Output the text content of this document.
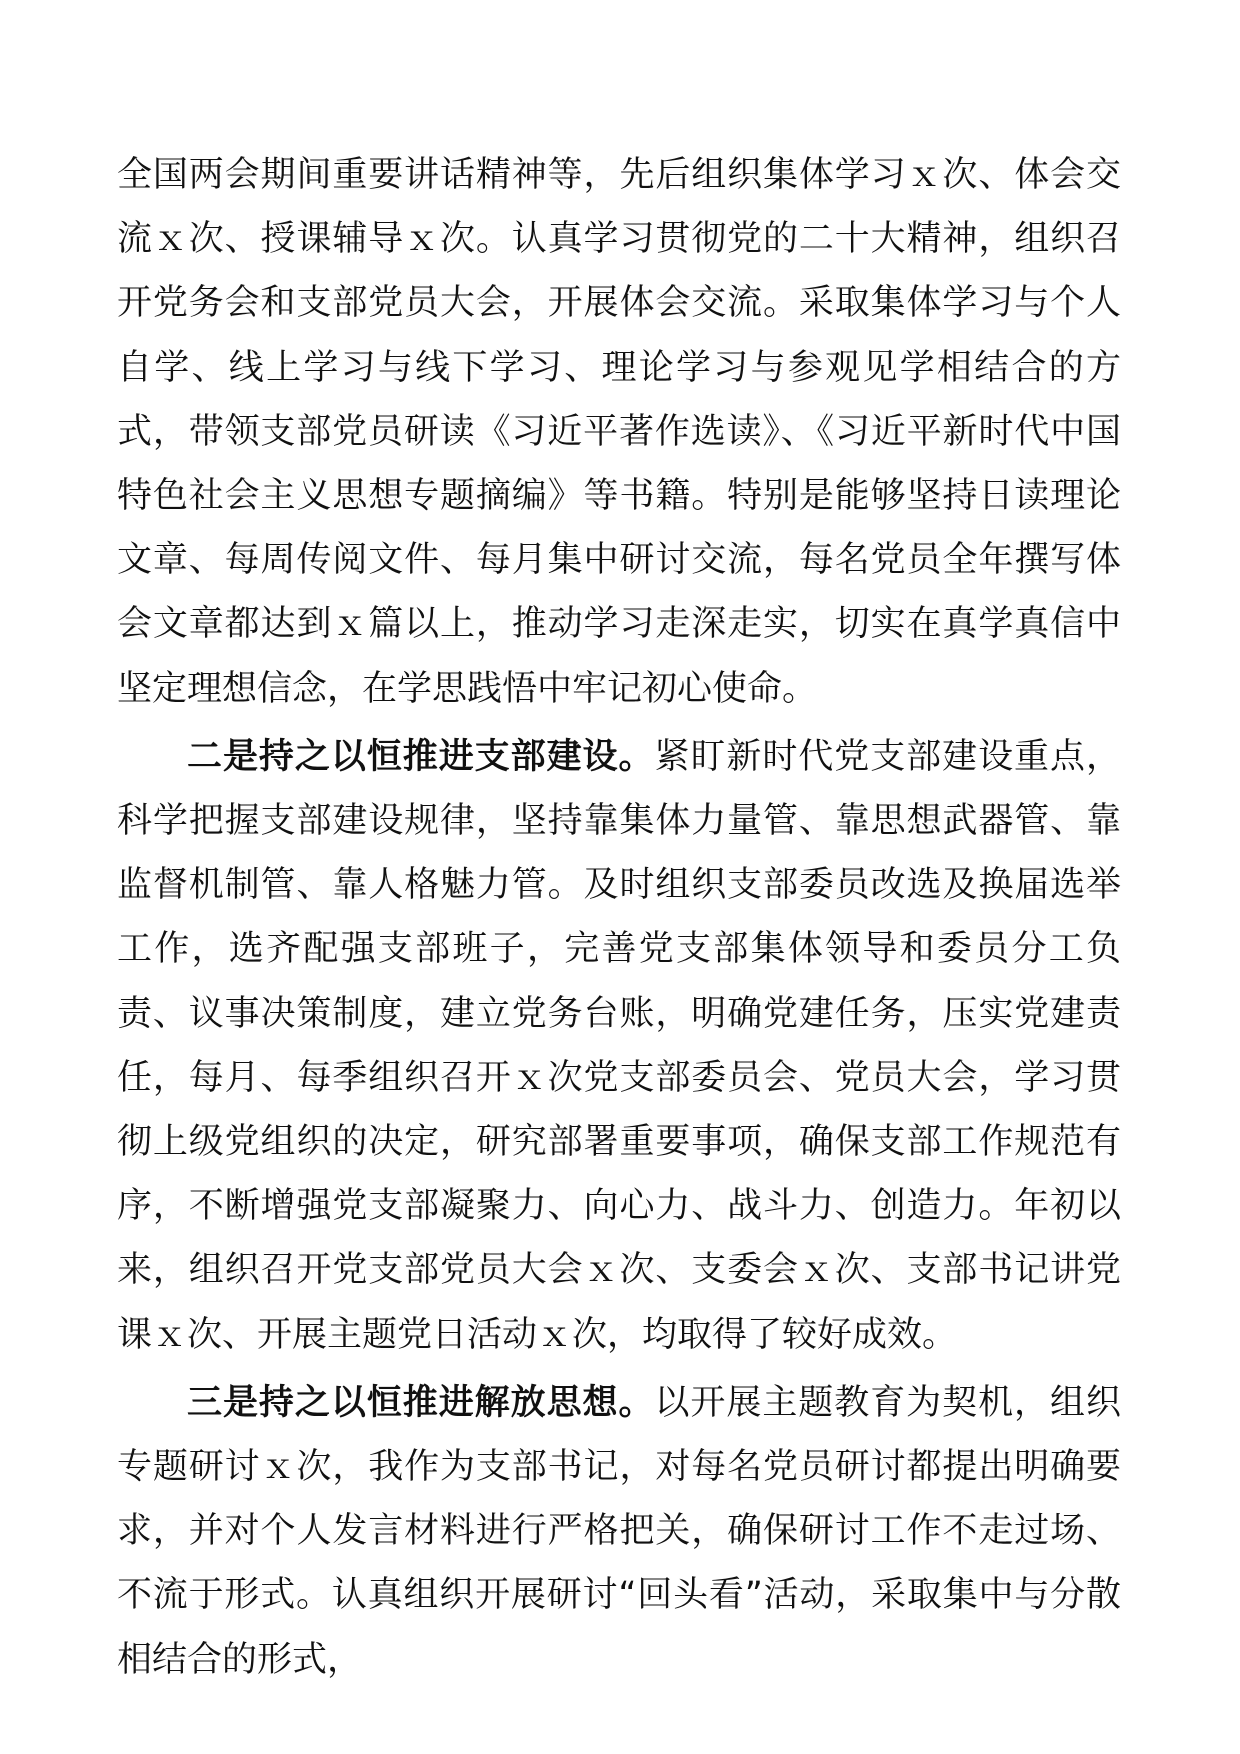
全国两会期间重要讲话精神等，先后组织集体学习ｘ次、体会交流ｘ次、授课辅导ｘ次。认真学习贯彻党的二十大精神，组织召开党务会和支部党员大会，开展体会交流。采取集体学习与个人自学、线上学习与线下学习、理论学习与参观见学相结合的方式，带领支部党员研读《习近平著作选读》、《习近平新时代中国特色社会主义思想专题摘编》等书籍。特别是能够坚持日读理论文章、每周传阅文件、每月集中研讨交流，每名党员全年撰写体会文章都达到ｘ篇以上，推动学习走深走实，切实在真学真信中坚定理想信念，在学思践悟中牢记初心使命。

二是持之以恒推进支部建设。紧盯新时代党支部建设重点，科学把握支部建设规律，坚持靠集体力量管、靠思想武器管、靠监督机制管、靠人格魅力管。及时组织支部委员改选及换届选举工作，选齐配强支部班子，完善党支部集体领导和委员分工负责、议事决策制度，建立党务台账，明确党建任务，压实党建责任，每月、每季组织召开ｘ次党支部委员会、党员大会，学习贯彻上级党组织的决定，研究部署重要事项，确保支部工作规范有序，不断增强党支部凝聚力、向心力、战斗力、创造力。年初以来，组织召开党支部党员大会ｘ次、支委会ｘ次、支部书记讲党课ｘ次、开展主题党日活动ｘ次，均取得了较好成效。

三是持之以恒推进解放思想。以开展主题教育为契机，组织专题研讨ｘ次，我作为支部书记，对每名党员研讨都提出明确要求，并对个人发言材料进行严格把关，确保研讨工作不走过场、不流于形式。认真组织开展研讨“回头看”活动，采取集中与分散相结合的形式，
